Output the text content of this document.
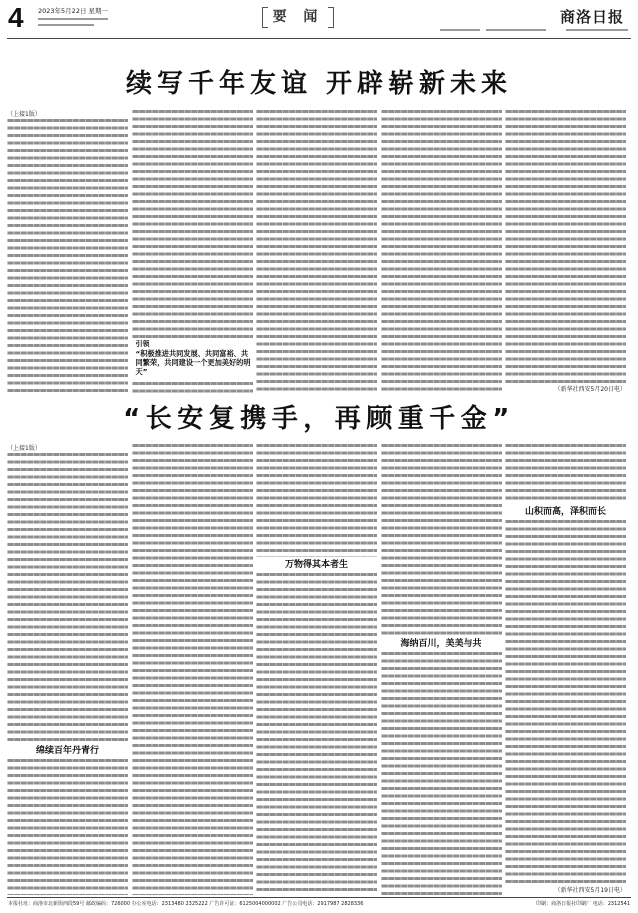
4 2023年5月22日 星期一	要 闻	商洛日报
续写千年友谊 开辟崭新未来
（上接1版）
引领
“积极推进共同发展、共同富裕、共同繁荣，共同建设一个更加美好的明天”
（新华社西安5月20日电）
“长安复携手，再顾重千金”
（上接1版）
绵续百年丹青行
万物得其本者生
海纳百川，美美与共
山积而高，泽积而长
（新华社西安5月19日电）
本报社址：商洛市北新街西段59号 邮政编码：726000 办公室电话：2313480 2325222 广告许可证：6125004000002 广告公司电话：2917987 2828336	印刷：商洛日报社印刷厂 电话：2312541
